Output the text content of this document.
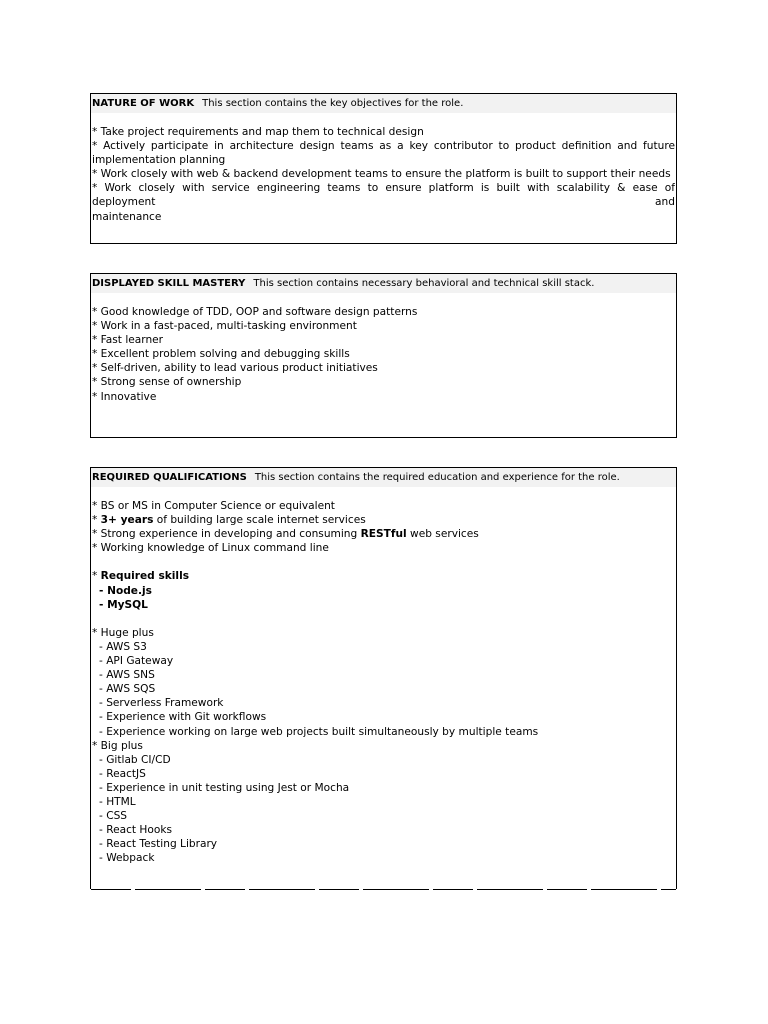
NATURE OF WORK This section contains the key objectives for the role.
* Take project requirements and map them to technical design
* Actively participate in architecture design teams as a key contributor to product definition and future
implementation planning
* Work closely with web & backend development teams to ensure the platform is built to support their needs
* Work closely with service engineering teams to ensure platform is built with scalability & ease of deployment and
maintenance
DISPLAYED SKILL MASTERY This section contains necessary behavioral and technical skill stack.
* Good knowledge of TDD, OOP and software design patterns
* Work in a fast-paced, multi-tasking environment
* Fast learner
* Excellent problem solving and debugging skills
* Self-driven, ability to lead various product initiatives
* Strong sense of ownership
* Innovative
REQUIRED QUALIFICATIONS This section contains the required education and experience for the role.
* BS or MS in Computer Science or equivalent
* 3+ years of building large scale internet services
* Strong experience in developing and consuming RESTful web services
* Working knowledge of Linux command line
* Required skills
- Node.js
- MySQL
* Huge plus
- AWS S3
- API Gateway
- AWS SNS
- AWS SQS
- Serverless Framework
- Experience with Git workflows
- Experience working on large web projects built simultaneously by multiple teams
* Big plus
- Gitlab CI/CD
- ReactJS
- Experience in unit testing using Jest or Mocha
- HTML
- CSS
- React Hooks
- React Testing Library
- Webpack
